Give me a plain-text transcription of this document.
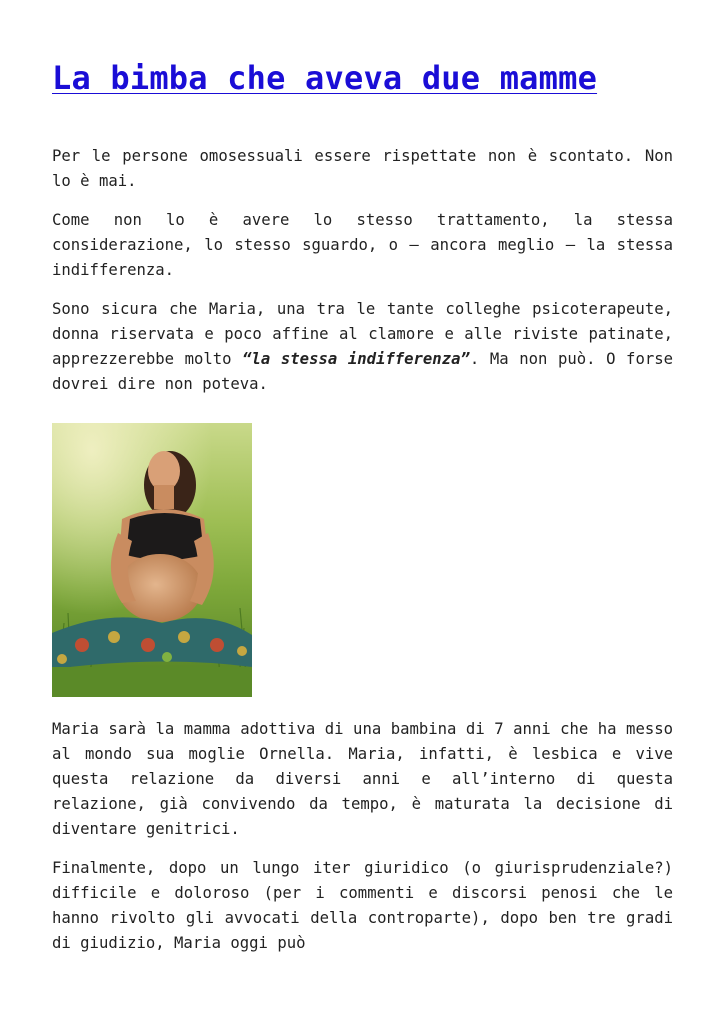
La bimba che aveva due mamme

Per le persone omosessuali essere rispettate non è scontato. Non lo è mai.

Come non lo è avere lo stesso trattamento, la stessa considerazione, lo stesso sguardo, o – ancora meglio – la stessa indifferenza.

Sono sicura che Maria, una tra le tante colleghe psicoterapeute, donna riservata e poco affine al clamore e alle riviste patinate, apprezzerebbe molto “la stessa indifferenza”. Ma non può. O forse dovrei dire non poteva.

Maria sarà la mamma adottiva di una bambina di 7 anni che ha messo al mondo sua moglie Ornella. Maria, infatti, è lesbica e vive questa relazione da diversi anni e all’interno di questa relazione, già convivendo da tempo, è maturata la decisione di diventare genitrici.

Finalmente, dopo un lungo iter giuridico (o giurisprudenziale?) difficile e doloroso (per i commenti e discorsi penosi che le hanno rivolto gli avvocati della controparte), dopo ben tre gradi di giudizio, Maria oggi può
